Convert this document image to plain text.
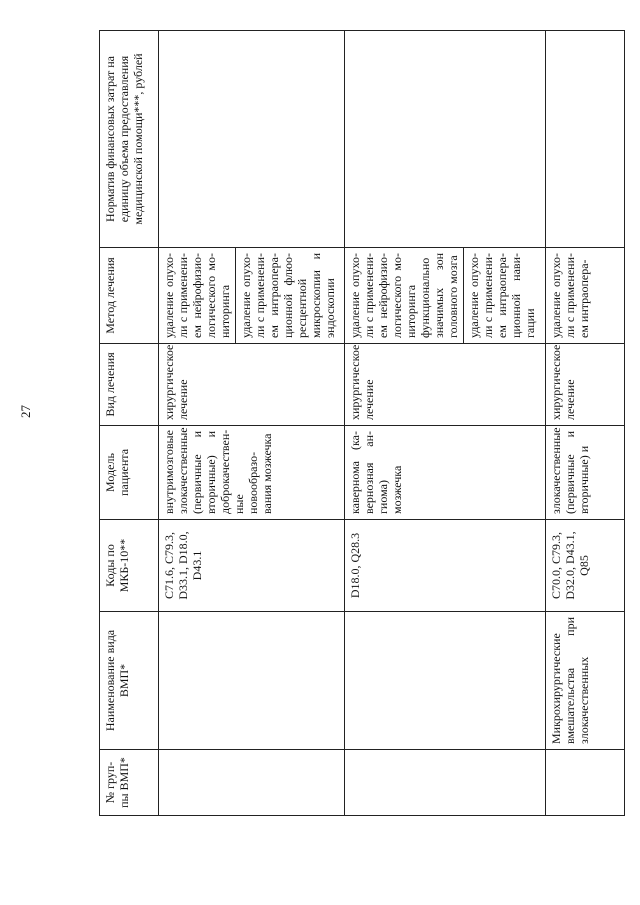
27
№ груп-пы ВМП*	Наименование вида ВМП*	Коды по МКБ-10**	Модель пациента	Вид лечения	Метод лечения	Норматив финансовых затрат на единицу объема предоставления медицинской помощи***, рублей
		C71.6, C79.3, D33.1, D18.0, D43.1	внутримозговые злокачественные (первичные и вторичные) и доброкачествен-ные новообразо-вания мозжечка	хирургическое лечение	удаление опухо-ли с применени-ем нейрофизио-логического мо-ниторинга удаление опухо-ли с применени-ем интраопера-ционной флюо-ресцентной микроскопии и эндоскопии	

		D18.0, Q28.3	кавернома (ка-вернозная ан-гиома) мозжечка	хирургическое лечение	удаление опухо-ли с применени-ем нейрофизио-логического мо-ниторинга функционально значимых зон головного мозга удаление опухо-ли с применени-ем интраопера-ционной нави-гации	

	Микрохирургические вмешательства при злокачественных	C70.0, C79.3, D32.0, D43.1, Q85	злокачественные (первичные и вторичные) и	хирургическое лечение	удаление опухо-ли с применени-ем интраопера-	
